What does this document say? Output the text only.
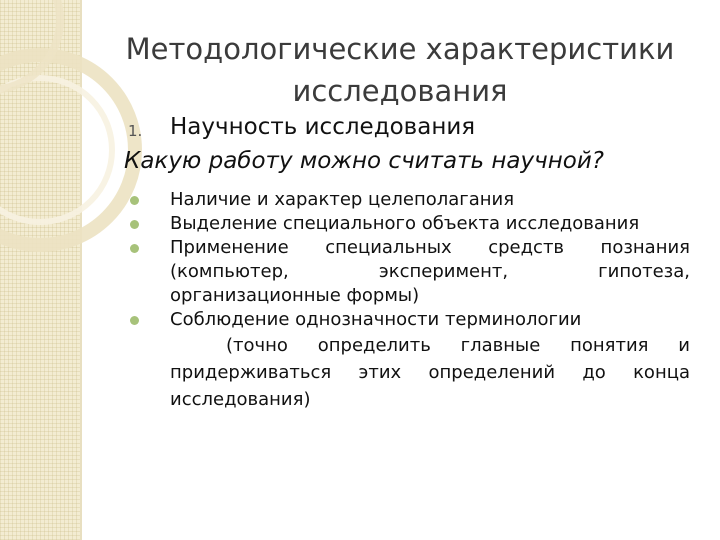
Методологические характеристики
исследования
1. Научность исследования
Какую работу можно считать научной?
Наличие и характер целеполагания
Выделение специального объекта исследования
Применение специальных средств познания (компьютер, эксперимент, гипотеза, организационные формы)
Соблюдение однозначности терминологии
(точно определить главные понятия и придерживаться этих определений до конца исследования)
